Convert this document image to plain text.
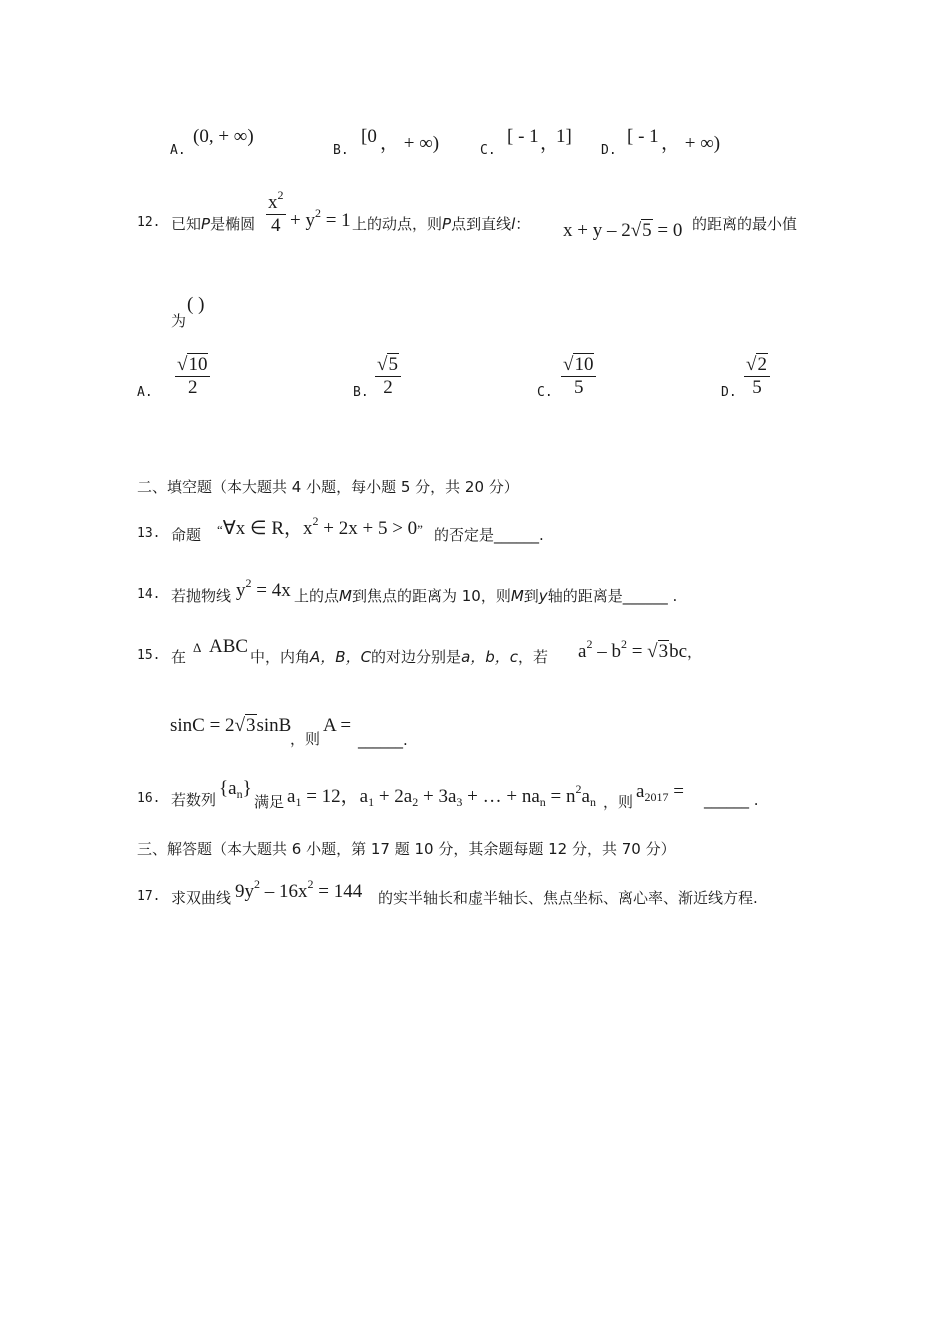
A.
(0, + ∞)
B.
[0 ， + ∞)	C.
[ - 1 ，
1]
D.
[ - 1 ， + ∞)
12. 已知P是椭圆 $\frac{x^2}{4} + y^2 = 1$ 上的动点，则P点到直线l： x + y – 2√5 = 0 的距离的最小值
为
( )
A. $\frac{√10}{2}$	B. $\frac{√5}{2}$	C. $\frac{√10}{5}$	D. $\frac{√2}{5}$
二、填空题（本大题共 4 小题，每小题 5 分，共 20 分）
13. 命题 “∀x ∈ R，$x^2 + 2x + 5 > 0$” 的否定是______.
14. 若抛物线 $y^2 = 4x$ 上的点M到焦点的距离为 10，则M到y轴的距离是______ .
15. 在
Δ ABC 中，内角A，B，C的对边分别是a，b，c，若 $a^2 - b^2 = √3bc$，
sinC = 2√3sinB
，则
A =
______.
16. 若数列
$\{a_n\}$
满足 $a_1 = 12$，$a_1 + 2a_2 + 3a_3$ + … + $na_n = n^2a_n$ ，则 $a_{2017}$ = ______ .
三、解答题（本大题共 6 小题，第 17 题 10 分，其余题每题 12 分，共 70 分）
17. 求双曲线 $9y^2 - 16x^2 = 144$ 的实半轴长和虚半轴长、焦点坐标、离心率、渐近线方程.
